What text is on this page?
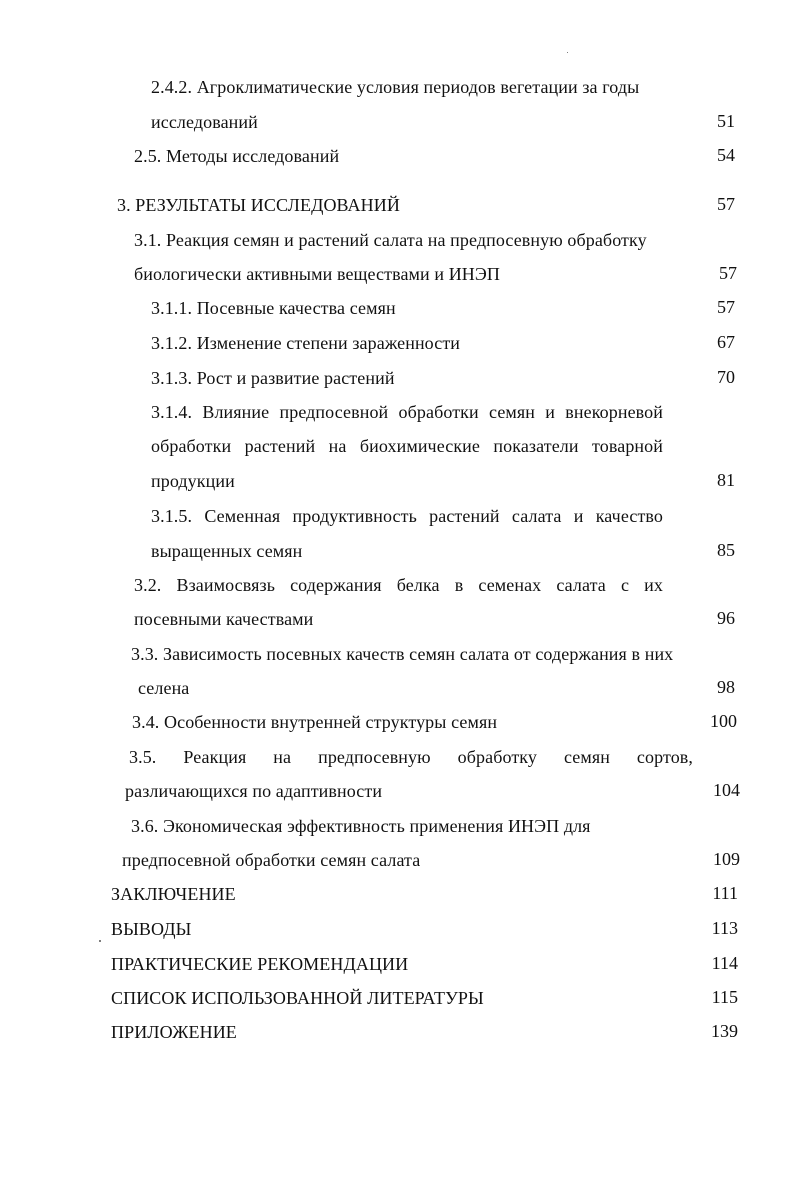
2.4.2. Агроклиматические условия периодов вегетации за годы
исследований	51
2.5. Методы исследований	54
3. РЕЗУЛЬТАТЫ ИССЛЕДОВАНИЙ	57
3.1. Реакция семян и растений салата на предпосевную обработку
биологически активными веществами и ИНЭП	57
3.1.1. Посевные качества семян	57
3.1.2. Изменение степени зараженности	67
3.1.3. Рост и развитие растений	70
3.1.4. Влияние предпосевной обработки семян и внекорневой
обработки растений на биохимические показатели товарной
продукции	81
3.1.5. Семенная продуктивность растений салата и качество
выращенных семян	85
3.2. Взаимосвязь содержания белка в семенах салата с их
посевными качествами	96
3.3. Зависимость посевных качеств семян салата от содержания в них
селена	98
3.4. Особенности внутренней структуры семян	100
3.5. Реакция на предпосевную обработку семян сортов,
различающихся по адаптивности	104
3.6. Экономическая эффективность применения ИНЭП для
предпосевной обработки семян салата	109
ЗАКЛЮЧЕНИЕ	111
ВЫВОДЫ	113
ПРАКТИЧЕСКИЕ РЕКОМЕНДАЦИИ	114
СПИСОК ИСПОЛЬЗОВАННОЙ ЛИТЕРАТУРЫ	115
ПРИЛОЖЕНИЕ	139
